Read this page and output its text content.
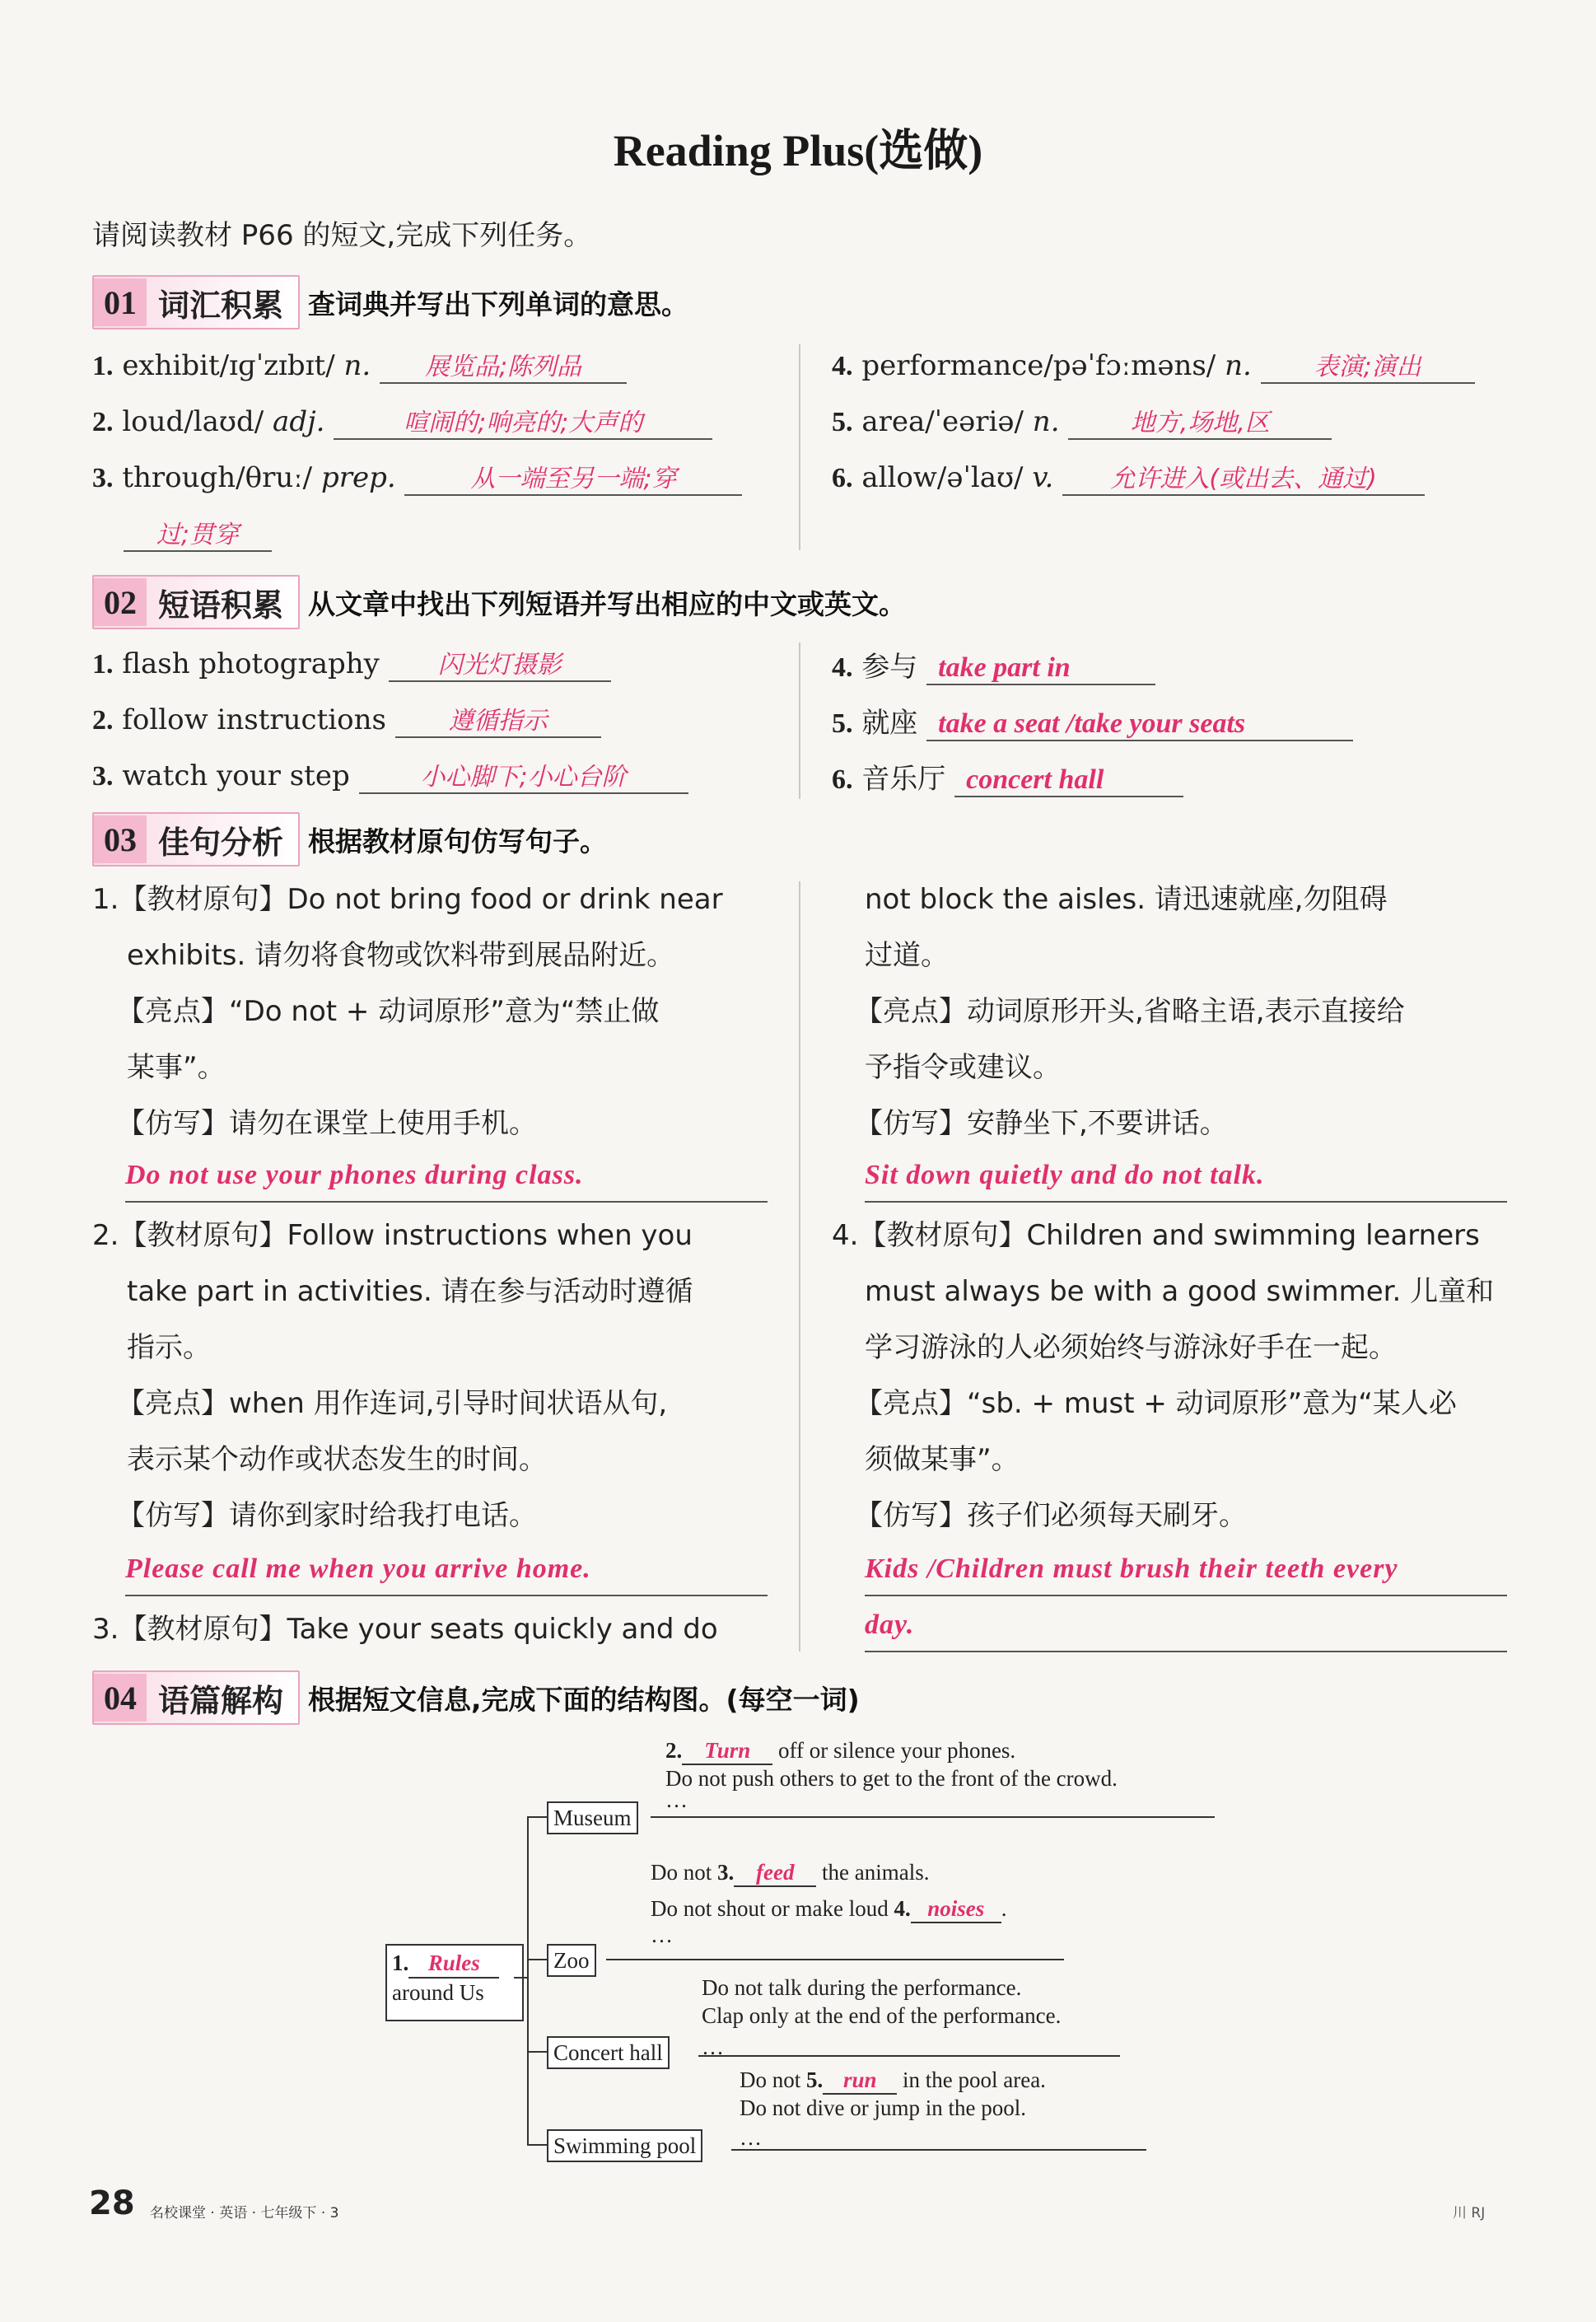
Reading Plus(选做)
请阅读教材 P66 的短文,完成下列任务。
01 词汇积累 查词典并写出下列单词的意思。
1. exhibit/ɪɡˈzɪbɪt/ n. 展览品;陈列品
2. loud/laʊd/ adj.	喧闹的;响亮的;大声的
3. through/θruː/ prep.	从一端至另一端;穿
过;贯穿
4. performance/pəˈfɔːməns/ n.	表演;演出
5. area/ˈeəriə/ n.	地方,场地,区
6. allow/əˈlaʊ/ v. 允许进入(或出去、通过)
02 短语积累 从文章中找出下列短语并写出相应的中文或英文。
1. flash photography 闪光灯摄影
2. follow instructions	遵循指示
3. watch your step	小心脚下;小心台阶
4. 参与 take part in
5. 就座 take a seat /take your seats
6. 音乐厅 concert hall
03 佳句分析 根据教材原句仿写句子。
1.【教材原句】Do not bring food or drink near
exhibits. 请勿将食物或饮料带到展品附近。
【亮点】“Do not + 动词原形”意为“禁止做
某事”。
【仿写】请勿在课堂上使用手机。
Do not use your phones during class.
2.【教材原句】Follow instructions when you
take part in activities. 请在参与活动时遵循
指示。
【亮点】when 用作连词,引导时间状语从句,
表示某个动作或状态发生的时间。
【仿写】请你到家时给我打电话。
Please call me when you arrive home.
3.【教材原句】Take your seats quickly and do
not block the aisles. 请迅速就座,勿阻碍
过道。
【亮点】动词原形开头,省略主语,表示直接给
予指令或建议。
【仿写】安静坐下,不要讲话。
Sit down quietly and do not talk.
4.【教材原句】Children and swimming learners
must always be with a good swimmer. 儿童和
学习游泳的人必须始终与游泳好手在一起。
【亮点】“sb. + must + 动词原形”意为“某人必
须做某事”。
【仿写】孩子们必须每天刷牙。
Kids /Children must brush their teeth every
day.
04 语篇解构 根据短文信息,完成下面的结构图。(每空一词)
1. Rules
around Us
Museum
2. Turn off or silence your phones.
Do not push others to get to the front of the crowd.
…
Zoo
Do not 3. feed the animals.
Do not shout or make loud 4. noises .
…
Concert hall
Do not talk during the performance.
Clap only at the end of the performance.
…
Swimming pool
Do not 5. run in the pool area.
Do not dive or jump in the pool.
…
28 名校课堂 · 英语 · 七年级下 · 3	川 RJ
